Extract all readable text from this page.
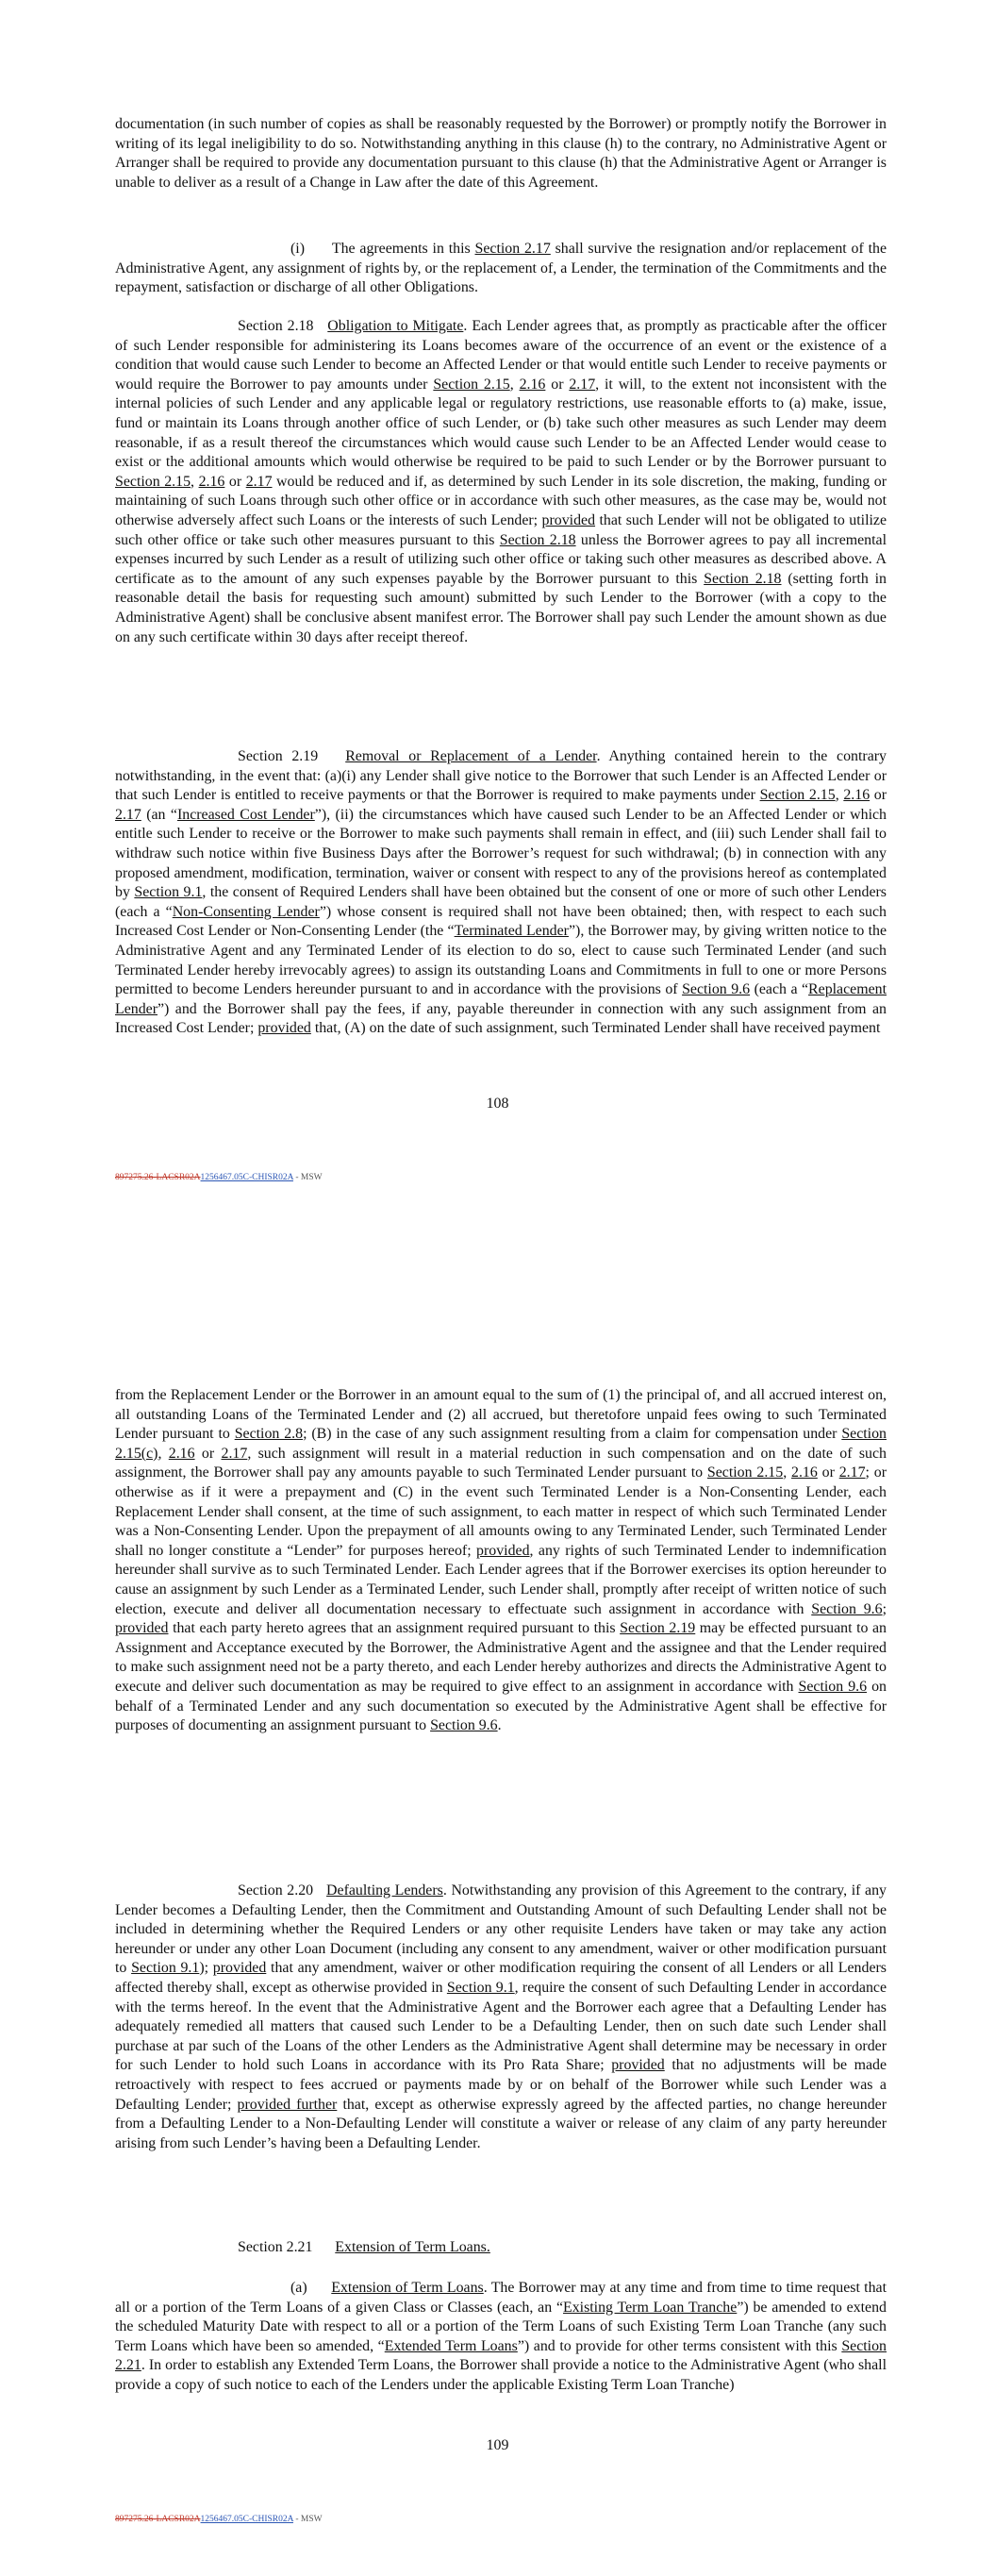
documentation (in such number of copies as shall be reasonably requested by the Borrower) or promptly notify the Borrower in writing of its legal ineligibility to do so. Notwithstanding anything in this clause (h) to the contrary, no Administrative Agent or Arranger shall be required to provide any documentation pursuant to this clause (h) that the Administrative Agent or Arranger is unable to deliver as a result of a Change in Law after the date of this Agreement.

(i)      The agreements in this Section 2.17 shall survive the resignation and/or replacement of the Administrative Agent, any assignment of rights by, or the replacement of, a Lender, the termination of the Commitments and the repayment, satisfaction or discharge of all other Obligations.

Section 2.18   Obligation to Mitigate. Each Lender agrees that, as promptly as practicable after the officer of such Lender responsible for administering its Loans becomes aware of the occurrence of an event or the existence of a condition that would cause such Lender to become an Affected Lender or that would entitle such Lender to receive payments or would require the Borrower to pay amounts under Section 2.15, 2.16 or 2.17, it will, to the extent not inconsistent with the internal policies of such Lender and any applicable legal or regulatory restrictions, use reasonable efforts to (a) make, issue, fund or maintain its Loans through another office of such Lender, or (b) take such other measures as such Lender may deem reasonable, if as a result thereof the circumstances which would cause such Lender to be an Affected Lender would cease to exist or the additional amounts which would otherwise be required to be paid to such Lender or by the Borrower pursuant to Section 2.15, 2.16 or 2.17 would be reduced and if, as determined by such Lender in its sole discretion, the making, funding or maintaining of such Loans through such other office or in accordance with such other measures, as the case may be, would not otherwise adversely affect such Loans or the interests of such Lender; provided that such Lender will not be obligated to utilize such other office or take such other measures pursuant to this Section 2.18 unless the Borrower agrees to pay all incremental expenses incurred by such Lender as a result of utilizing such other office or taking such other measures as described above. A certificate as to the amount of any such expenses payable by the Borrower pursuant to this Section 2.18 (setting forth in reasonable detail the basis for requesting such amount) submitted by such Lender to the Borrower (with a copy to the Administrative Agent) shall be conclusive absent manifest error. The Borrower shall pay such Lender the amount shown as due on any such certificate within 30 days after receipt thereof.

Section 2.19   Removal or Replacement of a Lender. Anything contained herein to the contrary notwithstanding, in the event that: (a)(i) any Lender shall give notice to the Borrower that such Lender is an Affected Lender or that such Lender is entitled to receive payments or that the Borrower is required to make payments under Section 2.15, 2.16 or 2.17 (an “Increased Cost Lender”), (ii) the circumstances which have caused such Lender to be an Affected Lender or which entitle such Lender to receive or the Borrower to make such payments shall remain in effect, and (iii) such Lender shall fail to withdraw such notice within five Business Days after the Borrower’s request for such withdrawal; (b) in connection with any proposed amendment, modification, termination, waiver or consent with respect to any of the provisions hereof as contemplated by Section 9.1, the consent of Required Lenders shall have been obtained but the consent of one or more of such other Lenders (each a “Non-Consenting Lender”) whose consent is required shall not have been obtained; then, with respect to each such Increased Cost Lender or Non-Consenting Lender (the “Terminated Lender”), the Borrower may, by giving written notice to the Administrative Agent and any Terminated Lender of its election to do so, elect to cause such Terminated Lender (and such Terminated Lender hereby irrevocably agrees) to assign its outstanding Loans and Commitments in full to one or more Persons permitted to become Lenders hereunder pursuant to and in accordance with the provisions of Section 9.6 (each a “Replacement Lender”) and the Borrower shall pay the fees, if any, payable thereunder in connection with any such assignment from an Increased Cost Lender; provided that, (A) on the date of such assignment, such Terminated Lender shall have received payment

108
897275.26-LACSR02A1256467.05C-CHISR02A - MSW

from the Replacement Lender or the Borrower in an amount equal to the sum of (1) the principal of, and all accrued interest on, all outstanding Loans of the Terminated Lender and (2) all accrued, but theretofore unpaid fees owing to such Terminated Lender pursuant to Section 2.8; (B) in the case of any such assignment resulting from a claim for compensation under Section 2.15(c), 2.16 or 2.17, such assignment will result in a material reduction in such compensation and on the date of such assignment, the Borrower shall pay any amounts payable to such Terminated Lender pursuant to Section 2.15, 2.16 or 2.17; or otherwise as if it were a prepayment and (C) in the event such Terminated Lender is a Non-Consenting Lender, each Replacement Lender shall consent, at the time of such assignment, to each matter in respect of which such Terminated Lender was a Non-Consenting Lender. Upon the prepayment of all amounts owing to any Terminated Lender, such Terminated Lender shall no longer constitute a “Lender” for purposes hereof; provided, any rights of such Terminated Lender to indemnification hereunder shall survive as to such Terminated Lender. Each Lender agrees that if the Borrower exercises its option hereunder to cause an assignment by such Lender as a Terminated Lender, such Lender shall, promptly after receipt of written notice of such election, execute and deliver all documentation necessary to effectuate such assignment in accordance with Section 9.6; provided that each party hereto agrees that an assignment required pursuant to this Section 2.19 may be effected pursuant to an Assignment and Acceptance executed by the Borrower, the Administrative Agent and the assignee and that the Lender required to make such assignment need not be a party thereto, and each Lender hereby authorizes and directs the Administrative Agent to execute and deliver such documentation as may be required to give effect to an assignment in accordance with Section 9.6 on behalf of a Terminated Lender and any such documentation so executed by the Administrative Agent shall be effective for purposes of documenting an assignment pursuant to Section 9.6.

Section 2.20   Defaulting Lenders. Notwithstanding any provision of this Agreement to the contrary, if any Lender becomes a Defaulting Lender, then the Commitment and Outstanding Amount of such Defaulting Lender shall not be included in determining whether the Required Lenders or any other requisite Lenders have taken or may take any action hereunder or under any other Loan Document (including any consent to any amendment, waiver or other modification pursuant to Section 9.1); provided that any amendment, waiver or other modification requiring the consent of all Lenders or all Lenders affected thereby shall, except as otherwise provided in Section 9.1, require the consent of such Defaulting Lender in accordance with the terms hereof. In the event that the Administrative Agent and the Borrower each agree that a Defaulting Lender has adequately remedied all matters that caused such Lender to be a Defaulting Lender, then on such date such Lender shall purchase at par such of the Loans of the other Lenders as the Administrative Agent shall determine may be necessary in order for such Lender to hold such Loans in accordance with its Pro Rata Share; provided that no adjustments will be made retroactively with respect to fees accrued or payments made by or on behalf of the Borrower while such Lender was a Defaulting Lender; provided further that, except as otherwise expressly agreed by the affected parties, no change hereunder from a Defaulting Lender to a Non-Defaulting Lender will constitute a waiver or release of any claim of any party hereunder arising from such Lender’s having been a Defaulting Lender.

Section 2.21      Extension of Term Loans.

(a)      Extension of Term Loans. The Borrower may at any time and from time to time request that all or a portion of the Term Loans of a given Class or Classes (each, an “Existing Term Loan Tranche”) be amended to extend the scheduled Maturity Date with respect to all or a portion of the Term Loans of such Existing Term Loan Tranche (any such Term Loans which have been so amended, “Extended Term Loans”) and to provide for other terms consistent with this Section 2.21. In order to establish any Extended Term Loans, the Borrower shall provide a notice to the Administrative Agent (who shall provide a copy of such notice to each of the Lenders under the applicable Existing Term Loan Tranche)

109
897275.26-LACSR02A1256467.05C-CHISR02A - MSW
